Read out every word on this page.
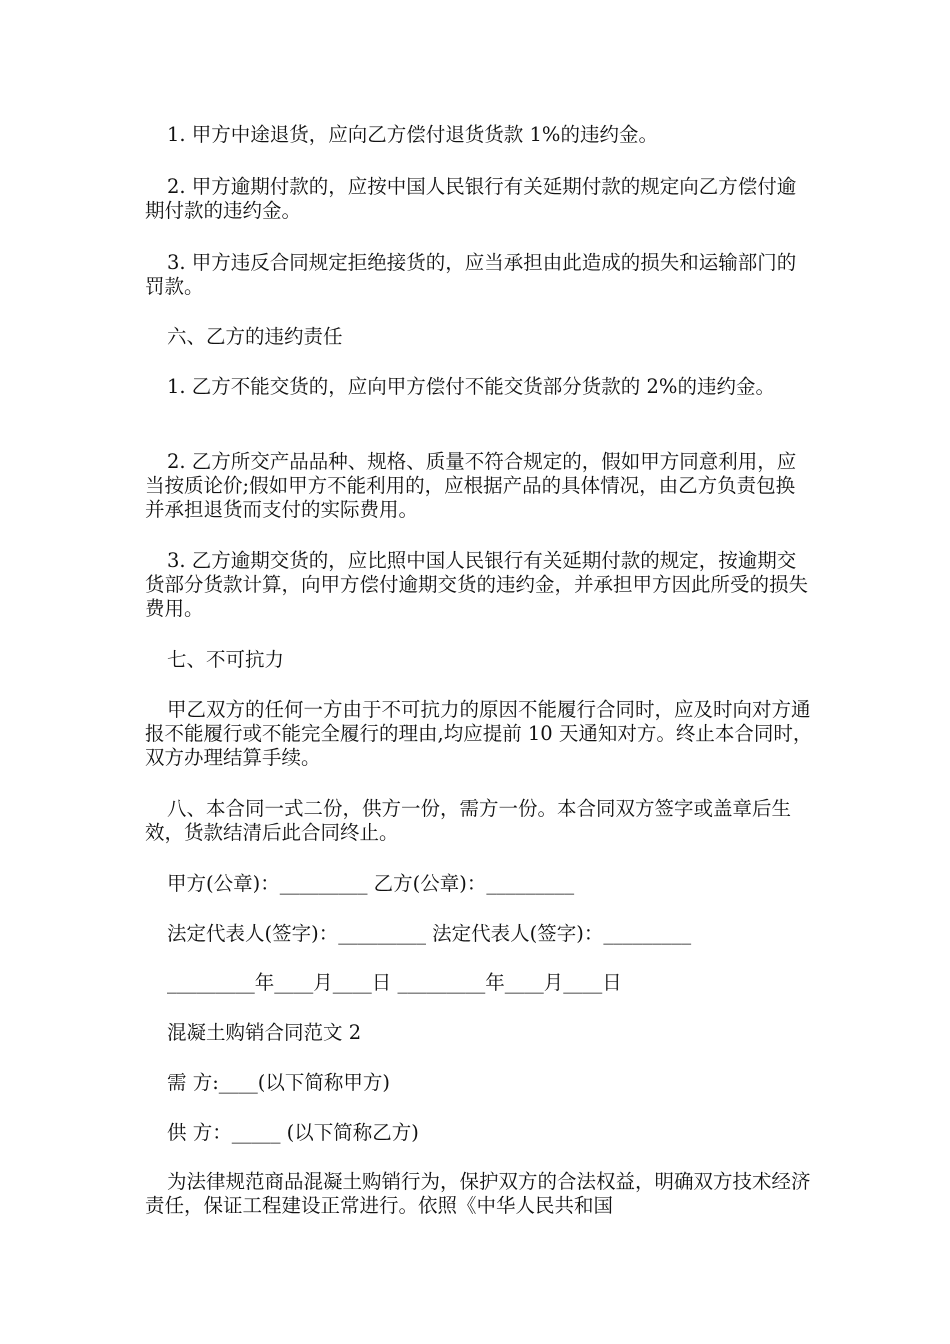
1. 甲方中途退货，应向乙方偿付退货货款 1%的违约金。

2. 甲方逾期付款的，应按中国人民银行有关延期付款的规定向乙方偿付逾期付款的违约金。

3. 甲方违反合同规定拒绝接货的，应当承担由此造成的损失和运输部门的罚款。

六、乙方的违约责任

1. 乙方不能交货的，应向甲方偿付不能交货部分货款的 2%的违约金。

2. 乙方所交产品品种、规格、质量不符合规定的，假如甲方同意利用，应当按质论价;假如甲方不能利用的，应根据产品的具体情况，由乙方负责包换并承担退货而支付的实际费用。

3. 乙方逾期交货的，应比照中国人民银行有关延期付款的规定，按逾期交货部分货款计算，向甲方偿付逾期交货的违约金，并承担甲方因此所受的损失费用。

七、不可抗力

甲乙双方的任何一方由于不可抗力的原因不能履行合同时，应及时向对方通报不能履行或不能完全履行的理由,均应提前 10 天通知对方。终止本合同时，双方办理结算手续。

八、本合同一式二份，供方一份，需方一份。本合同双方签字或盖章后生效，货款结清后此合同终止。

甲方(公章)：_________ 乙方(公章)：_________

法定代表人(签字)：_________ 法定代表人(签字)：_________

_________年____月____日 _________年____月____日

混凝土购销合同范文 2

需 方:____(以下简称甲方)

供 方：_____ (以下简称乙方)

为法律规范商品混凝土购销行为，保护双方的合法权益，明确双方技术经济责任，保证工程建设正常进行。依照《中华人民共和国
